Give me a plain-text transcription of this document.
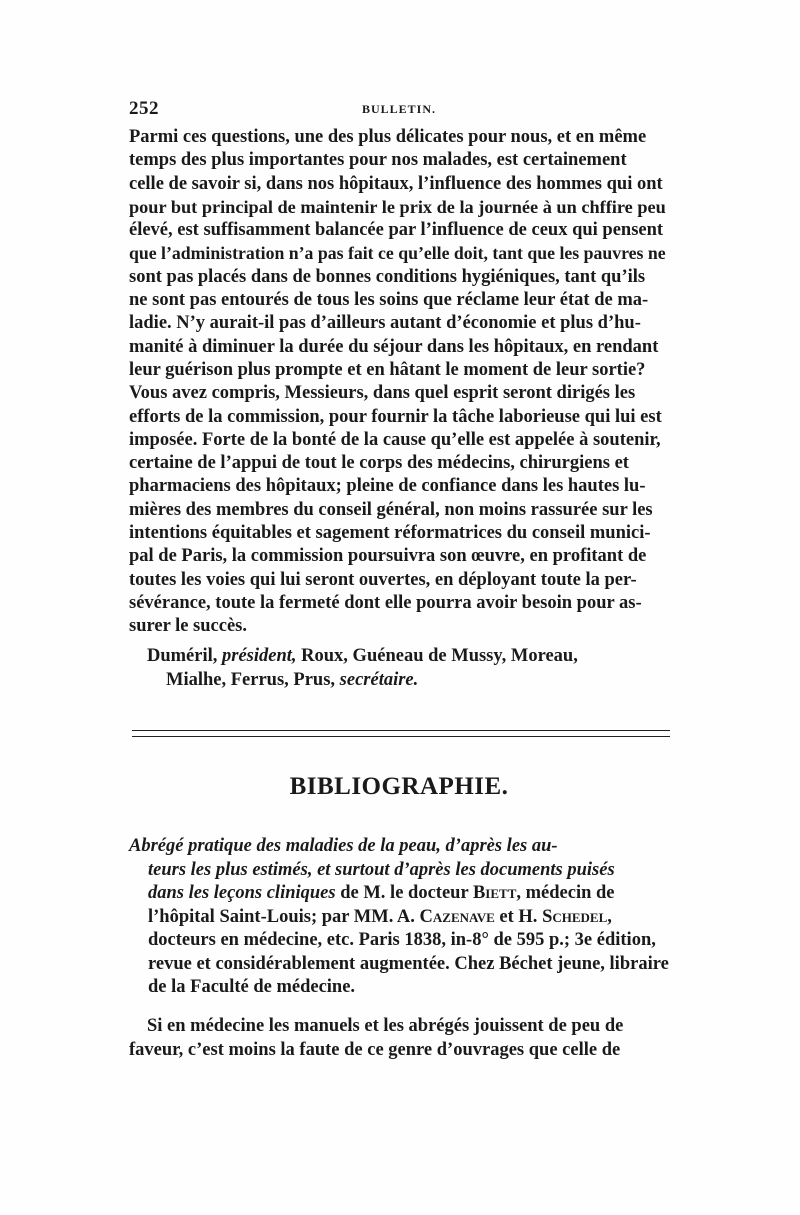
252	BULLETIN.

Parmi ces questions, une des plus délicates pour nous, et en même

temps des plus importantes pour nos malades, est certainement

celle de savoir si, dans nos hôpitaux, l’influence des hommes qui ont

pour but principal de maintenir le prix de la journée à un chffire peu

élevé, est suffisamment balancée par l’influence de ceux qui pensent

que l’administration n’a pas fait ce qu’elle doit, tant que les pauvres ne

sont pas placés dans de bonnes conditions hygiéniques, tant qu’ils

ne sont pas entourés de tous les soins que réclame leur état de ma-

ladie. N’y aurait-il pas d’ailleurs autant d’économie et plus d’hu-

manité à diminuer la durée du séjour dans les hôpitaux, en rendant

leur guérison plus prompte et en hâtant le moment de leur sortie?

Vous avez compris, Messieurs, dans quel esprit seront dirigés les

efforts de la commission, pour fournir la tâche laborieuse qui lui est

imposée. Forte de la bonté de la cause qu’elle est appelée à soutenir,

certaine de l’appui de tout le corps des médecins, chirurgiens et

pharmaciens des hôpitaux; pleine de confiance dans les hautes lu-

mières des membres du conseil général, non moins rassurée sur les

intentions équitables et sagement réformatrices du conseil munici-

pal de Paris, la commission poursuivra son œuvre, en profitant de

toutes les voies qui lui seront ouvertes, en déployant toute la per-

sévérance, toute la fermeté dont elle pourra avoir besoin pour as-

surer le succès.

Duméril, président, Roux, Guéneau de Mussy, Moreau,
Mialhe, Ferrus, Prus, secrétaire.
BIBLIOGRAPHIE.
Abrégé pratique des maladies de la peau, d’après les au-
teurs les plus estimés, et surtout d’après les documents puisés
dans les leçons cliniques de M. le docteur Biett, médecin de
l’hôpital Saint-Louis; par MM. A. Cazenave et H. Schedel,
docteurs en médecine, etc. Paris 1838, in-8° de 595 p.; 3e édition,
revue et considérablement augmentée. Chez Béchet jeune, libraire
de la Faculté de médecine.
Si en médecine les manuels et les abrégés jouissent de peu de
faveur, c’est moins la faute de ce genre d’ouvrages que celle de
